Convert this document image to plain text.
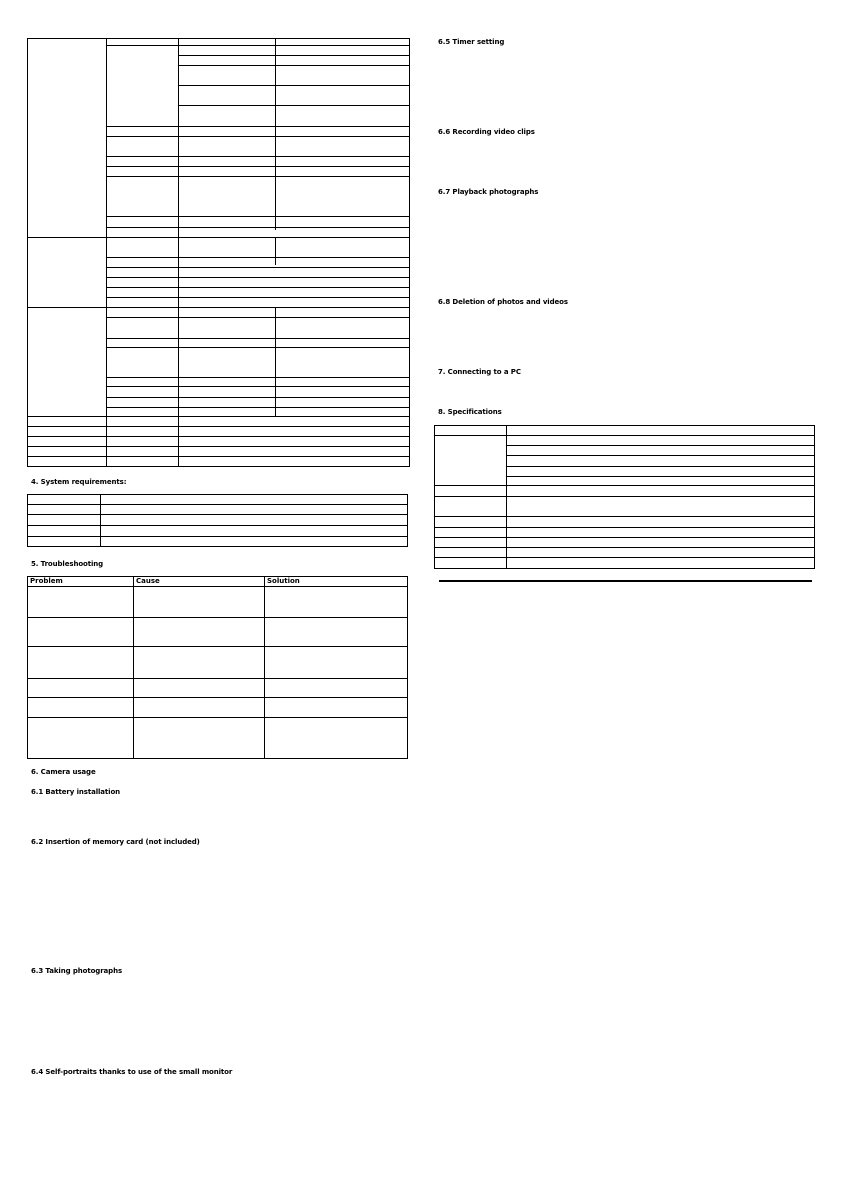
4. System requirements:
5. Troubleshooting
Problem	Cause	Solution
6. Camera usage
6.1 Battery installation
6.2 Insertion of memory card (not included)
6.3 Taking photographs
6.4 Self-portraits thanks to use of the small monitor
6.5 Timer setting
6.6 Recording video clips
6.7 Playback photographs
6.8 Deletion of photos and videos
7. Connecting to a PC
8. Specifications
